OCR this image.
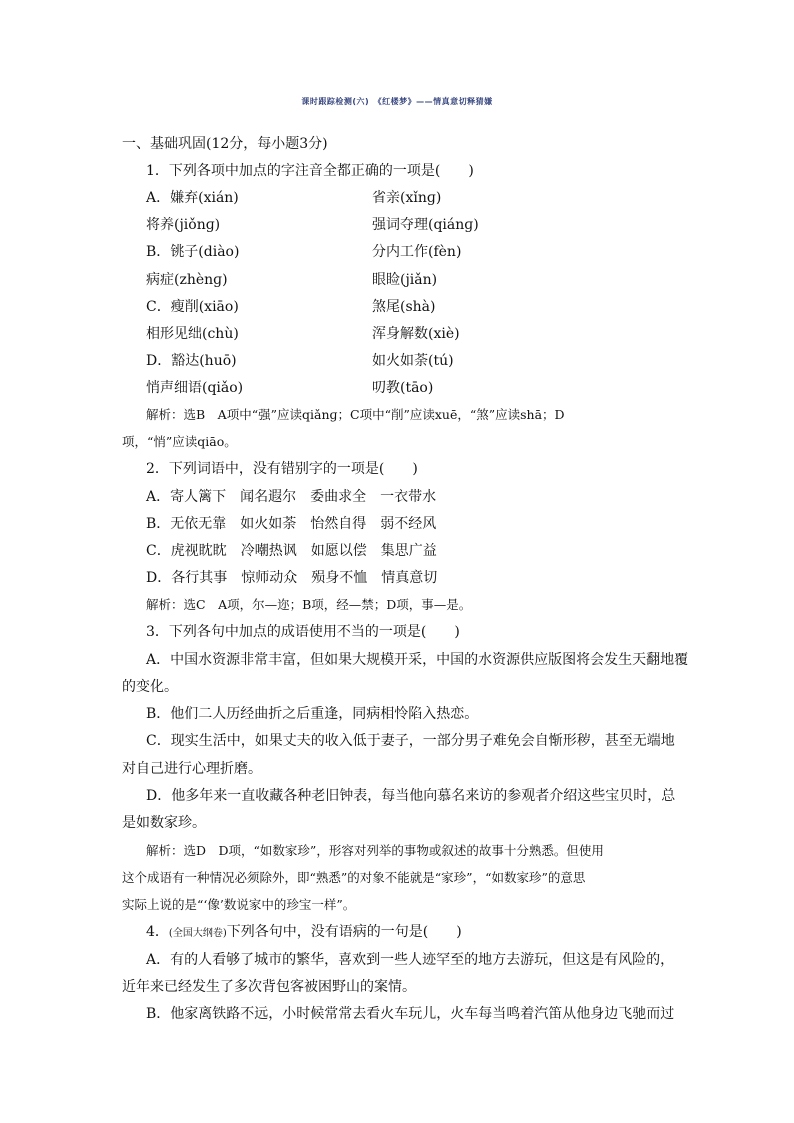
课时跟踪检测(六)　《红楼梦》——情真意切释猜嫌
一、基础巩固(12分，每小题3分)
1．下列各项中加点的字注音全都正确的一项是(　　)
A．嫌弃(xián)	省亲(xǐnɡ)
将养(jiǒnɡ)	强词夺理(qiánɡ)
B．铫子(diào)	分内工作(fèn)
病症(zhènɡ)	眼睑(jiǎn)
C．瘦削(xiāo)	煞尾(shà)
相形见绌(chù)	浑身解数(xiè)
D．豁达(huō)	如火如荼(tú)
悄声细语(qiǎo)	叨教(tāo)
解析：选B　A项中“强”应读qiǎnɡ；C项中“削”应读xuē，“煞”应读shā；D
项，“悄”应读qiāo。
2．下列词语中，没有错别字的一项是(　　)
A．寄人篱下　闻名遐尔　委曲求全　一衣带水
B．无依无靠　如火如荼　怡然自得　弱不经风
C．虎视眈眈　冷嘲热讽　如愿以偿　集思广益
D．各行其事　惊师动众　殒身不恤　情真意切
解析：选C　A项，尔—迩；B项，经—禁；D项，事—是。
3．下列各句中加点的成语使用不当的一项是(　　)
A．中国水资源非常丰富，但如果大规模开采，中国的水资源供应版图将会发生天翻地覆
的变化。
B．他们二人历经曲折之后重逢，同病相怜陷入热恋。
C．现实生活中，如果丈夫的收入低于妻子，一部分男子难免会自惭形秽，甚至无端地
对自己进行心理折磨。
D．他多年来一直收藏各种老旧钟表，每当他向慕名来访的参观者介绍这些宝贝时，总
是如数家珍。
解析：选D　D项，“如数家珍”，形容对列举的事物或叙述的故事十分熟悉。但使用
这个成语有一种情况必须除外，即“熟悉”的对象不能就是“家珍”，“如数家珍”的意思
实际上说的是“‘像’数说家中的珍宝一样”。
4．(全国大纲卷)下列各句中，没有语病的一句是(　　)
A．有的人看够了城市的繁华，喜欢到一些人迹罕至的地方去游玩，但这是有风险的，
近年来已经发生了多次背包客被困野山的案情。
B．他家离铁路不远，小时候常常去看火车玩儿，火车每当鸣着汽笛从他身边飞驰而过
